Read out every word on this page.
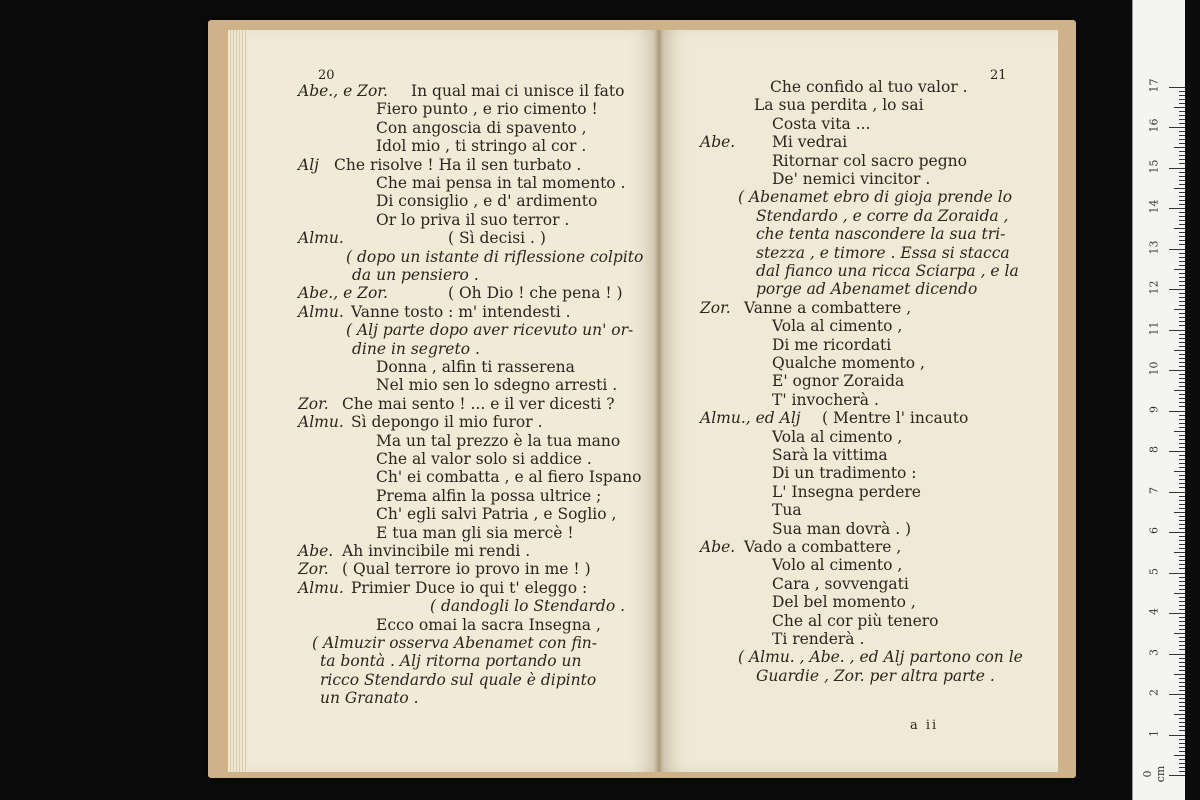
20
Abe., e Zor. In qual mai ci unisce il fato
Fiero punto , e rio cimento !
Con angoscia di spavento ,
Idol mio , ti stringo al cor .
Alj Che risolve ! Ha il sen turbato .
Che mai pensa in tal momento .
Di consiglio , e d' ardimento
Or lo priva il suo terror .
Almu.	( Sì decisi . )
( dopo un istante di riflessione colpito
da un pensiero .
Abe., e Zor.	( Oh Dio ! che pena ! )
Almu. Vanne tosto : m' intendesti .
( Alj parte dopo aver ricevuto un' or-
dine in segreto .
Donna , alfin ti rasserena
Nel mio sen lo sdegno arresti .
Zor. Che mai sento ! ... e il ver dicesti ?
Almu. Sì depongo il mio furor .
Ma un tal prezzo è la tua mano
Che al valor solo si addice .
Ch' ei combatta , e al fiero Ispano
Prema alfin la possa ultrice ;
Ch' egli salvi Patria , e Soglio ,
E tua man gli sia mercè !
Abe. Ah invincibile mi rendi .
Zor. ( Qual terrore io provo in me ! )
Almu. Primier Duce io qui t' eleggo :
( dandogli lo Stendardo .
Ecco omai la sacra Insegna ,
( Almuzir osserva Abenamet con fin-
ta bontà . Alj ritorna portando un
ricco Stendardo sul quale è dipinto
un Granato .
21
a ii
Che confido al tuo valor .
La sua perdita , lo sai
Costa vita ...
Abe. Mi vedrai
Ritornar col sacro pegno
De' nemici vincitor .
( Abenamet ebro di gioja prende lo
Stendardo , e corre da Zoraida ,
che tenta nascondere la sua tri-
stezza , e timore . Essa si stacca
dal fianco una ricca Sciarpa , e la
porge ad Abenamet dicendo
Zor. Vanne a combattere ,
Vola al cimento ,
Di me ricordati
Qualche momento ,
E' ognor Zoraida
T' invocherà .
Almu., ed Alj ( Mentre l' incauto
Vola al cimento ,
Sarà la vittima
Di un tradimento :
L' Insegna perdere
Tua
Sua man dovrà . )
Abe. Vado a combattere ,
Volo al cimento ,
Cara , sovvengati
Del bel momento ,
Che al cor più tenero
Ti renderà .
( Almu. , Abe. , ed Alj partono con le
Guardie , Zor. per altra parte .
0 cm
1
2
3
4
5
6
7
8
9
10
11
12
13
14
15
16
17
